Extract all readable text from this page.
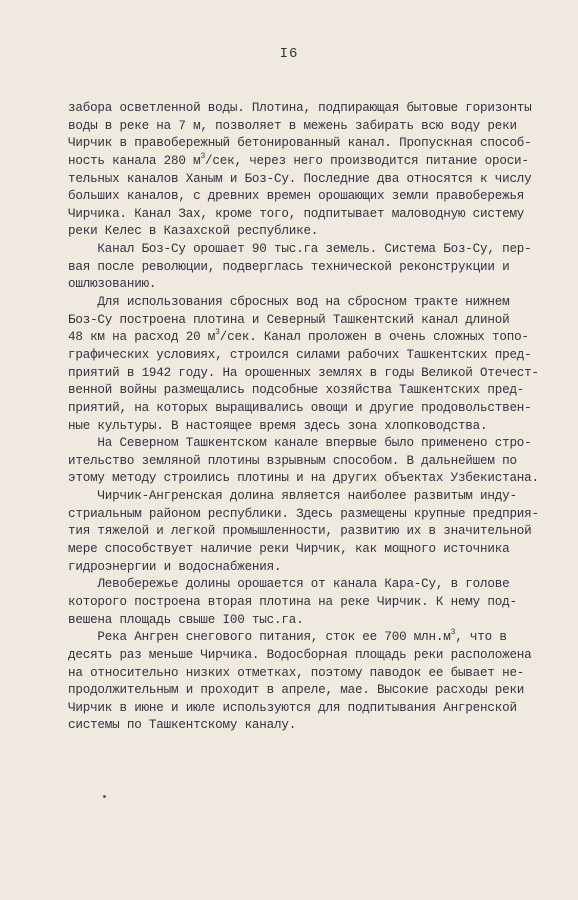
I6
забора осветленной воды. Плотина, подпирающая бытовые горизонты
воды в реке на 7 м, позволяет в межень забирать всю воду реки
Чирчик в правобережный бетонированный канал. Пропускная способ-
ность канала 280 $м^3$/сек, через него производится питание ороси-
тельных каналов Ханым и Боз-Су. Последние два относятся к числу
больших каналов, с древних времен орошающих земли правобережья
Чирчика. Канал Зах, кроме того, подпитывает маловодную систему
реки Келес в Казахской республике.
Канал Боз-Су орошает 90 тыс.га земель. Система Боз-Су, пер-
вая после революции, подверглась технической реконструкции и
ошлюзованию.
Для использования сбросных вод на сбросном тракте нижнем
Боз-Су построена плотина и Северный Ташкентский канал длиной
48 км на расход 20 $м^3$/сек. Канал проложен в очень сложных топо-
графических условиях, строился силами рабочих Ташкентских пред-
приятий в 1942 году. На орошенных землях в годы Великой Отечест-
венной войны размещались подсобные хозяйства Ташкентских пред-
приятий, на которых выращивались овощи и другие продовольствен-
ные культуры. В настоящее время здесь зона хлопководства.
На Северном Ташкентском канале впервые было применено стро-
ительство земляной плотины взрывным способом. В дальнейшем по
этому методу строились плотины и на других объектах Узбекистана.
Чирчик-Ангренская долина является наиболее развитым инду-
стриальным районом республики. Здесь размещены крупные предприя-
тия тяжелой и легкой промышленности, развитию их в значительной
мере способствует наличие реки Чирчик, как мощного источника
гидроэнергии и водоснабжения.
Левобережье долины орошается от канала Кара-Су, в голове
которого построена вторая плотина на реке Чирчик. К нему под-
вешена площадь свыше I00 тыс.га.
Река Ангрен снегового питания, сток ее 700 $млн.м^3$, что в
десять раз меньше Чирчика. Водосборная площадь реки расположена
на относительно низких отметках, поэтому паводок ее бывает не-
продолжительным и проходит в апреле, мае. Высокие расходы реки
Чирчик в июне и июле используются для подпитывания Ангренской
системы по Ташкентскому каналу.
